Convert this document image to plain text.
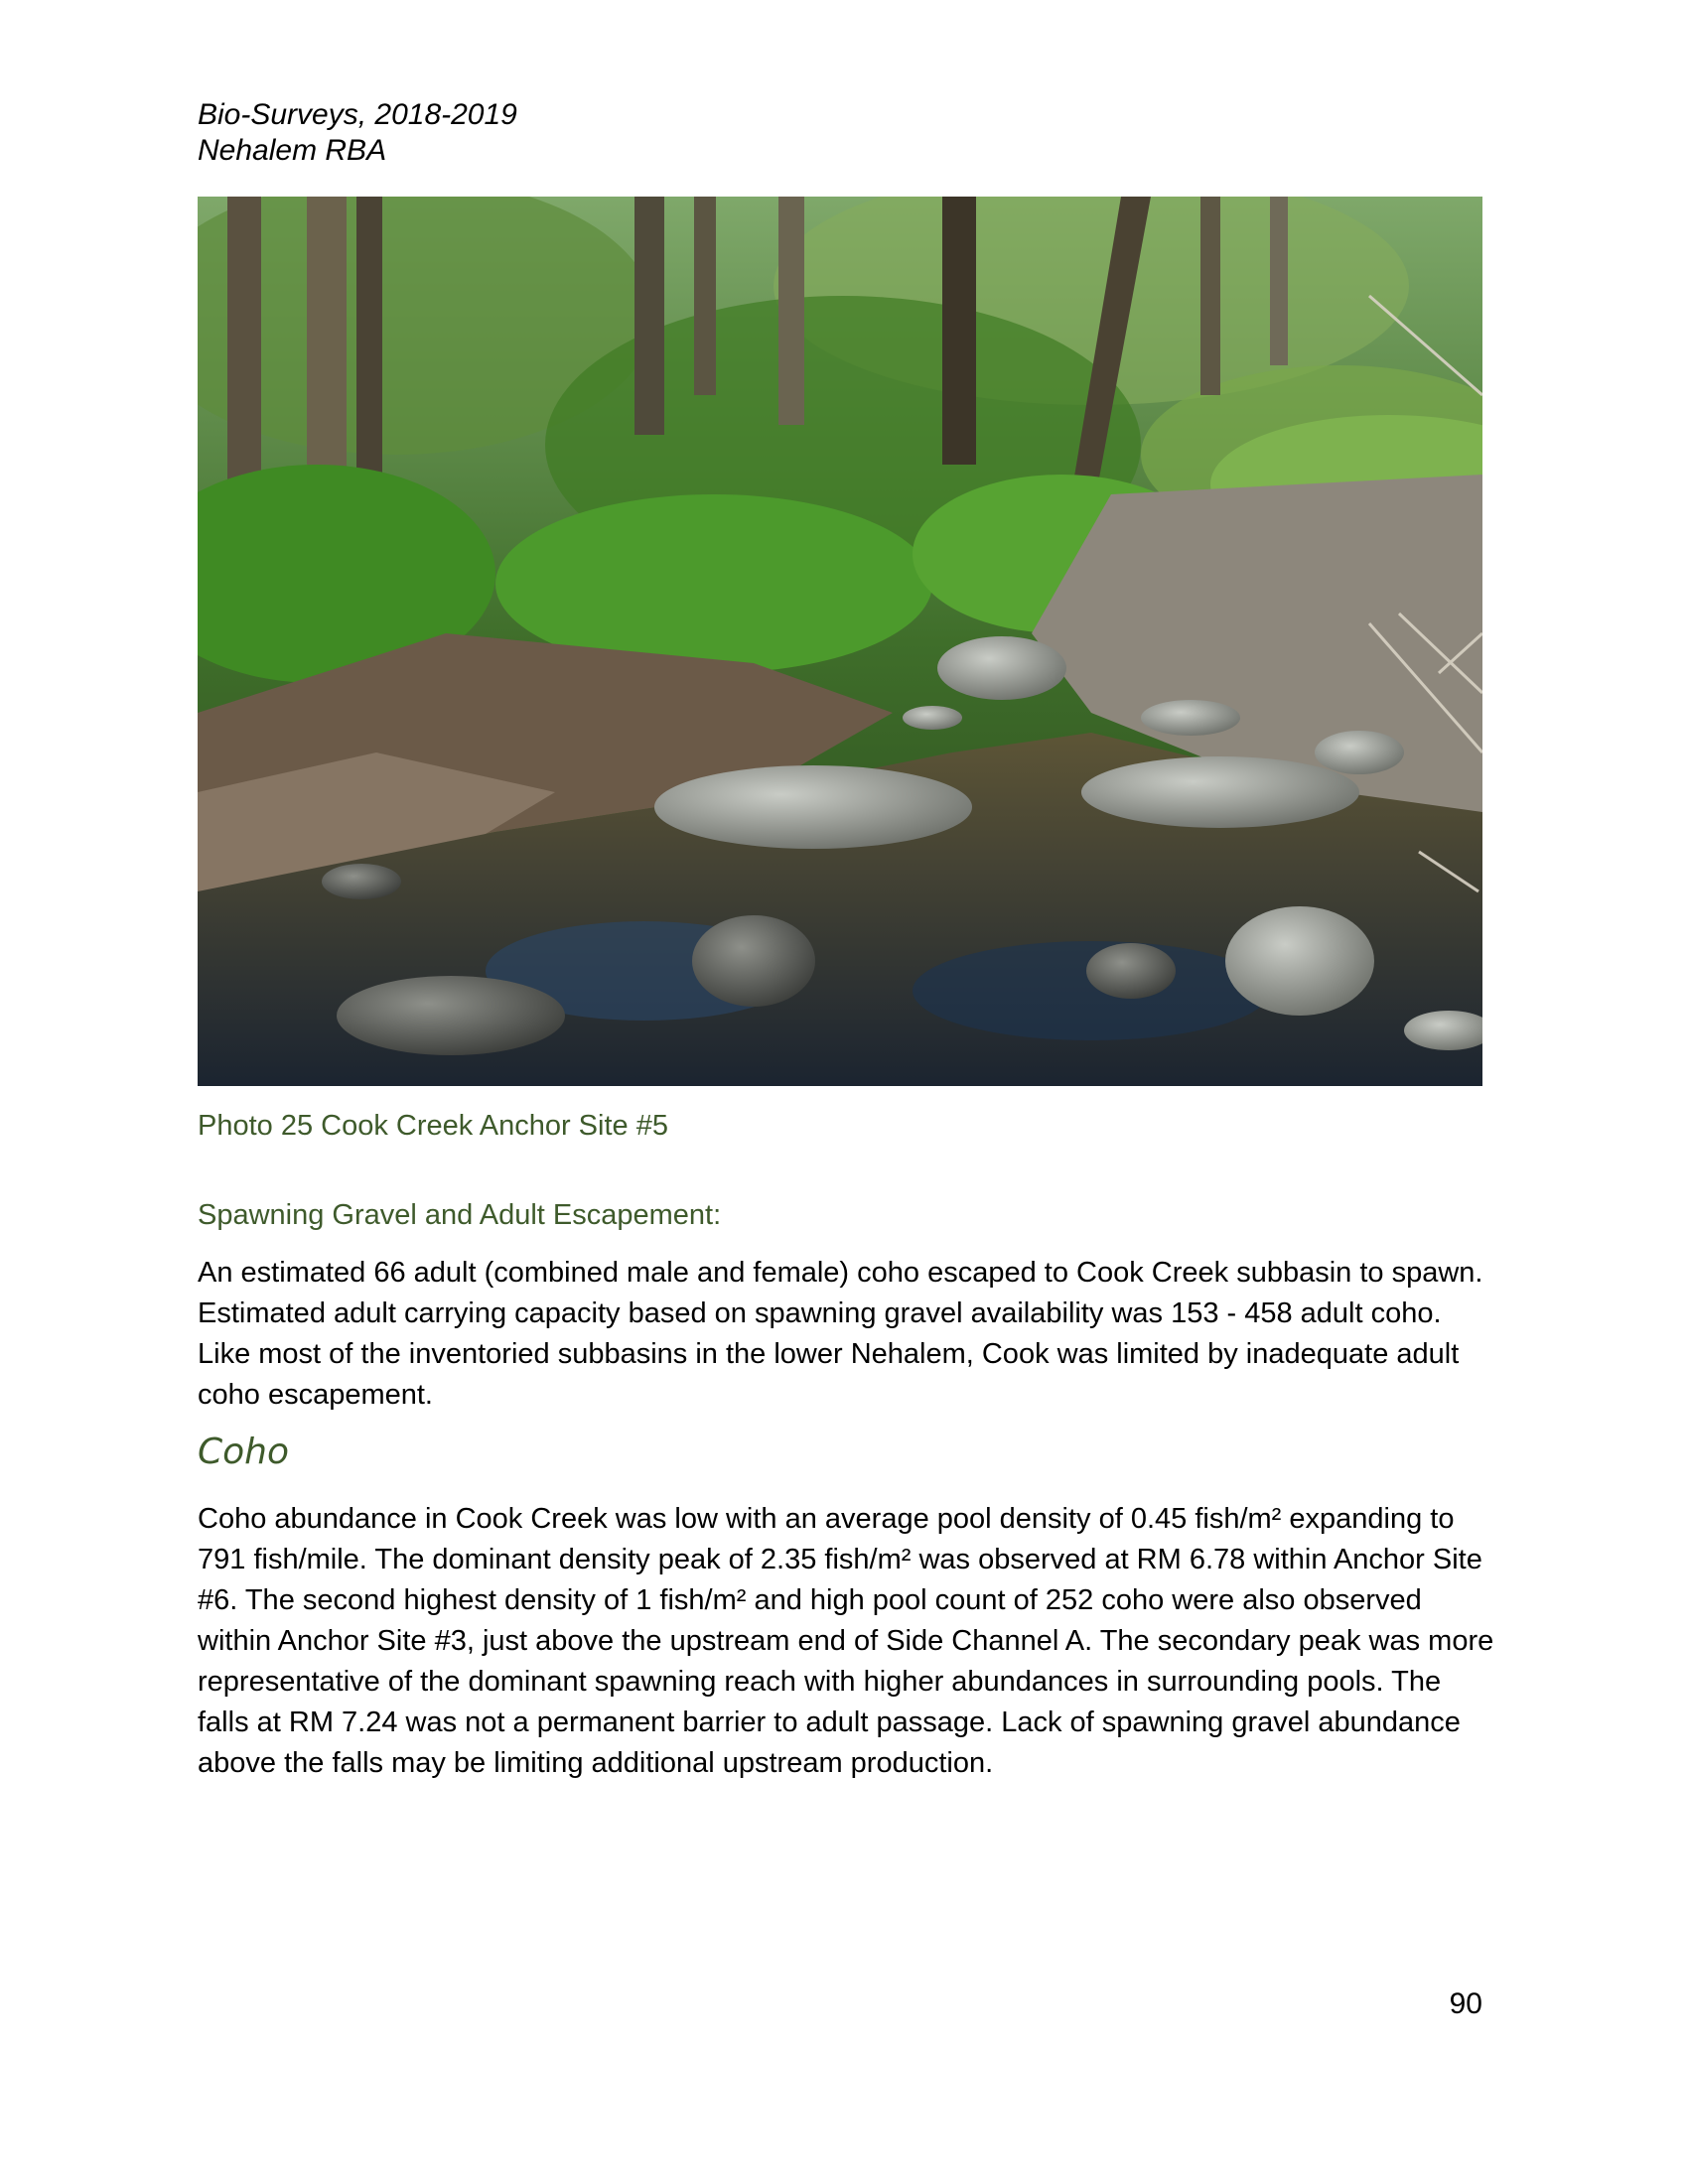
Bio-Surveys, 2018-2019
Nehalem RBA
Photo 25 Cook Creek Anchor Site #5
Spawning Gravel and Adult Escapement:
An estimated 66 adult (combined male and female) coho escaped to Cook Creek subbasin to spawn. Estimated adult carrying capacity based on spawning gravel availability was 153 - 458 adult coho. Like most of the inventoried subbasins in the lower Nehalem, Cook was limited by inadequate adult coho escapement.
Coho
Coho abundance in Cook Creek was low with an average pool density of 0.45 fish/m² expanding to 791 fish/mile. The dominant density peak of 2.35 fish/m² was observed at RM 6.78 within Anchor Site #6. The second highest density of 1 fish/m² and high pool count of 252 coho were also observed within Anchor Site #3, just above the upstream end of Side Channel A. The secondary peak was more representative of the dominant spawning reach with higher abundances in surrounding pools. The falls at RM 7.24 was not a permanent barrier to adult passage. Lack of spawning gravel abundance above the falls may be limiting additional upstream production.
90
